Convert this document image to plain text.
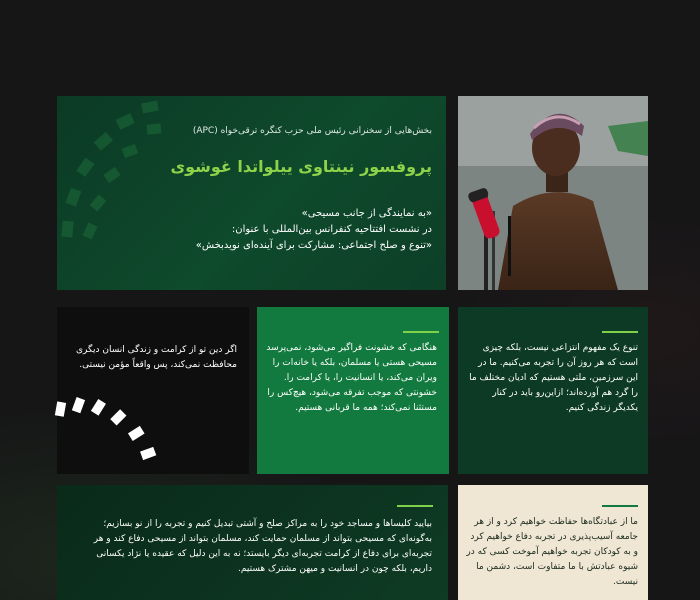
بخش‌هایی از سخنرانی رئیس ملی حزب کنگره ترقی‌خواه (APC)
پروفسور نینتاوی ییلواتدا غوشوی
«به نمایندگی از جانب مسیحی»
در نشست افتتاحیه کنفرانس بین‌المللی با عنوان:
«تنوع و صلح اجتماعی: مشارکت برای آینده‌ای نویدبخش»
اگر دین تو از کرامت و زندگی انسان دیگری محافظت نمی‌کند، پس واقعاً مؤمن نیستی.
هنگامی که خشونت فراگیر می‌شود، نمی‌پرسد مسیحی هستی یا مسلمان، بلکه یا خانه‌ات را ویران می‌کند، یا انسانیت را، یا کرامت را. خشونتی که موجب تفرقه می‌شود، هیچ‌کس را مستثنا نمی‌کند؛ همه ما قربانی هستیم.
تنوع یک مفهوم انتزاعی نیست، بلکه چیزی است که هر روز آن را تجربه می‌کنیم. ما در این سرزمین، ملتی هستیم که ادیان مختلف ما را گرد هم آورده‌اند؛ ازاین‌رو باید در کنار یکدیگر زندگی کنیم.
بیایید کلیساها و مساجد خود را به مراکز صلح و آشتی تبدیل کنیم و تجربه را از نو بسازیم؛ به‌گونه‌ای که مسیحی بتواند از مسلمان حمایت کند، مسلمان بتواند از مسیحی دفاع کند و هر تجربه‌ای برای دفاع از کرامت تجربه‌ای دیگر بایستد؛ نه به این دلیل که عقیده یا نژاد یکسانی داریم، بلکه چون در انسانیت و میهن مشترک هستیم.
ما از عبادتگاه‌ها حفاظت خواهیم کرد و از هر جامعه آسیب‌پذیری در تجربه دفاع خواهیم کرد و به کودکان تجربه خواهیم آموخت کسی که در شیوه عبادتش با ما متفاوت است، دشمن ما نیست.
